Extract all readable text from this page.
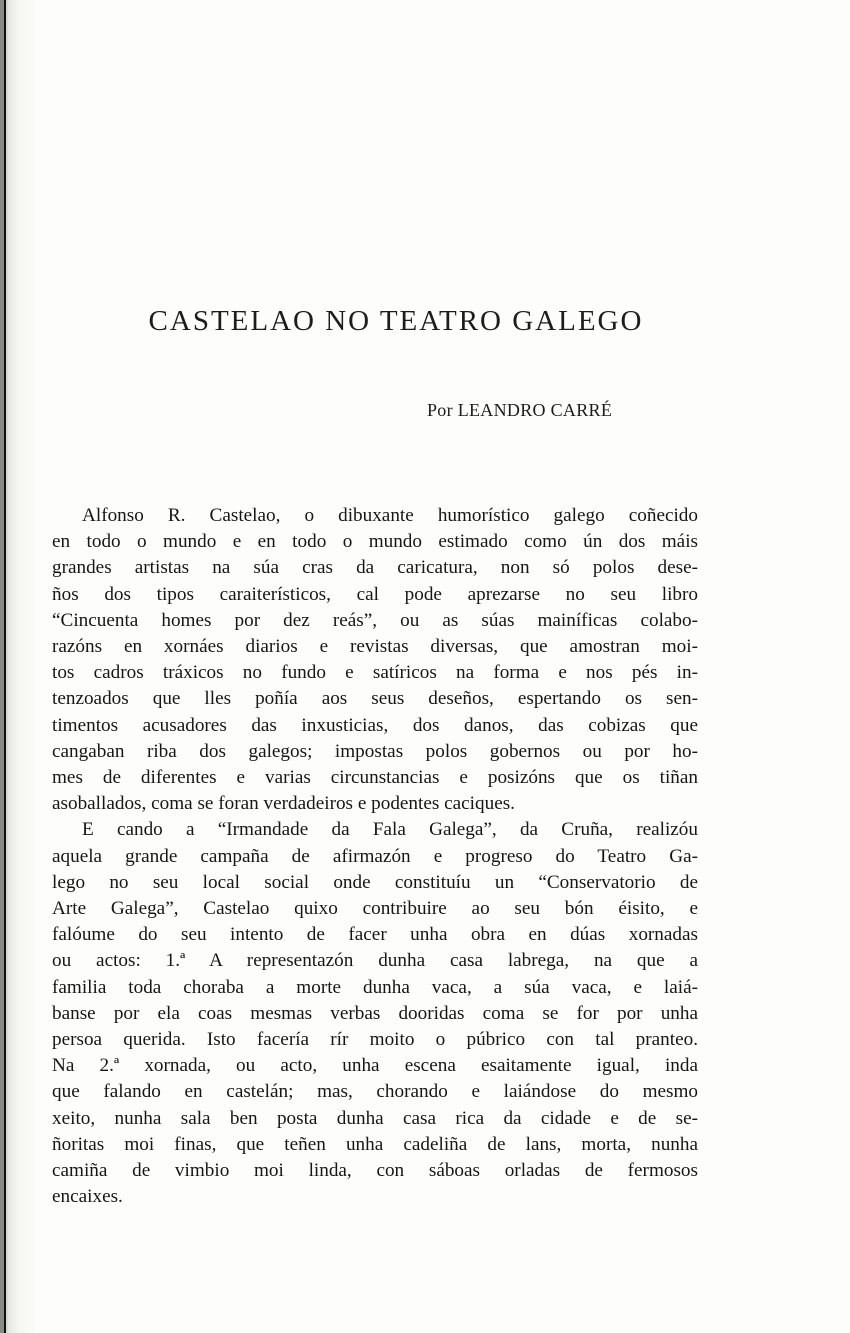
CASTELAO NO TEATRO GALEGO
Por LEANDRO CARRÉ
Alfonso R. Castelao, o dibuxante humorístico galego coñecido
en todo o mundo e en todo o mundo estimado como ún dos máis
grandes artistas na súa cras da caricatura, non só polos dese-
ños dos tipos caraiterísticos, cal pode aprezarse no seu libro
“Cincuenta homes por dez reás”, ou as súas mainíficas colabo-
razóns en xornáes diarios e revistas diversas, que amostran moi-
tos cadros tráxicos no fundo e satíricos na forma e nos pés in-
tenzoados que lles poñía aos seus deseños, espertando os sen-
timentos acusadores das inxusticias, dos danos, das cobizas que
cangaban riba dos galegos; impostas polos gobernos ou por ho-
mes de diferentes e varias circunstancias e posizóns que os tiñan
asoballados, coma se foran verdadeiros e podentes caciques.
E cando a “Irmandade da Fala Galega”, da Cruña, realizóu
aquela grande campaña de afirmazón e progreso do Teatro Ga-
lego no seu local social onde constituíu un “Conservatorio de
Arte Galega”, Castelao quixo contribuire ao seu bón éisito, e
falóume do seu intento de facer unha obra en dúas xornadas
ou actos: 1.ª A representazón dunha casa labrega, na que a
familia toda choraba a morte dunha vaca, a súa vaca, e laiá-
banse por ela coas mesmas verbas dooridas coma se for por unha
persoa querida. Isto facería rír moito o púbrico con tal pranteo.
Na 2.ª xornada, ou acto, unha escena esaitamente igual, inda
que falando en castelán; mas, chorando e laiándose do mesmo
xeito, nunha sala ben posta dunha casa rica da cidade e de se-
ñoritas moi finas, que teñen unha cadeliña de lans, morta, nunha
camiña de vimbio moi linda, con sáboas orladas de fermosos
encaixes.
